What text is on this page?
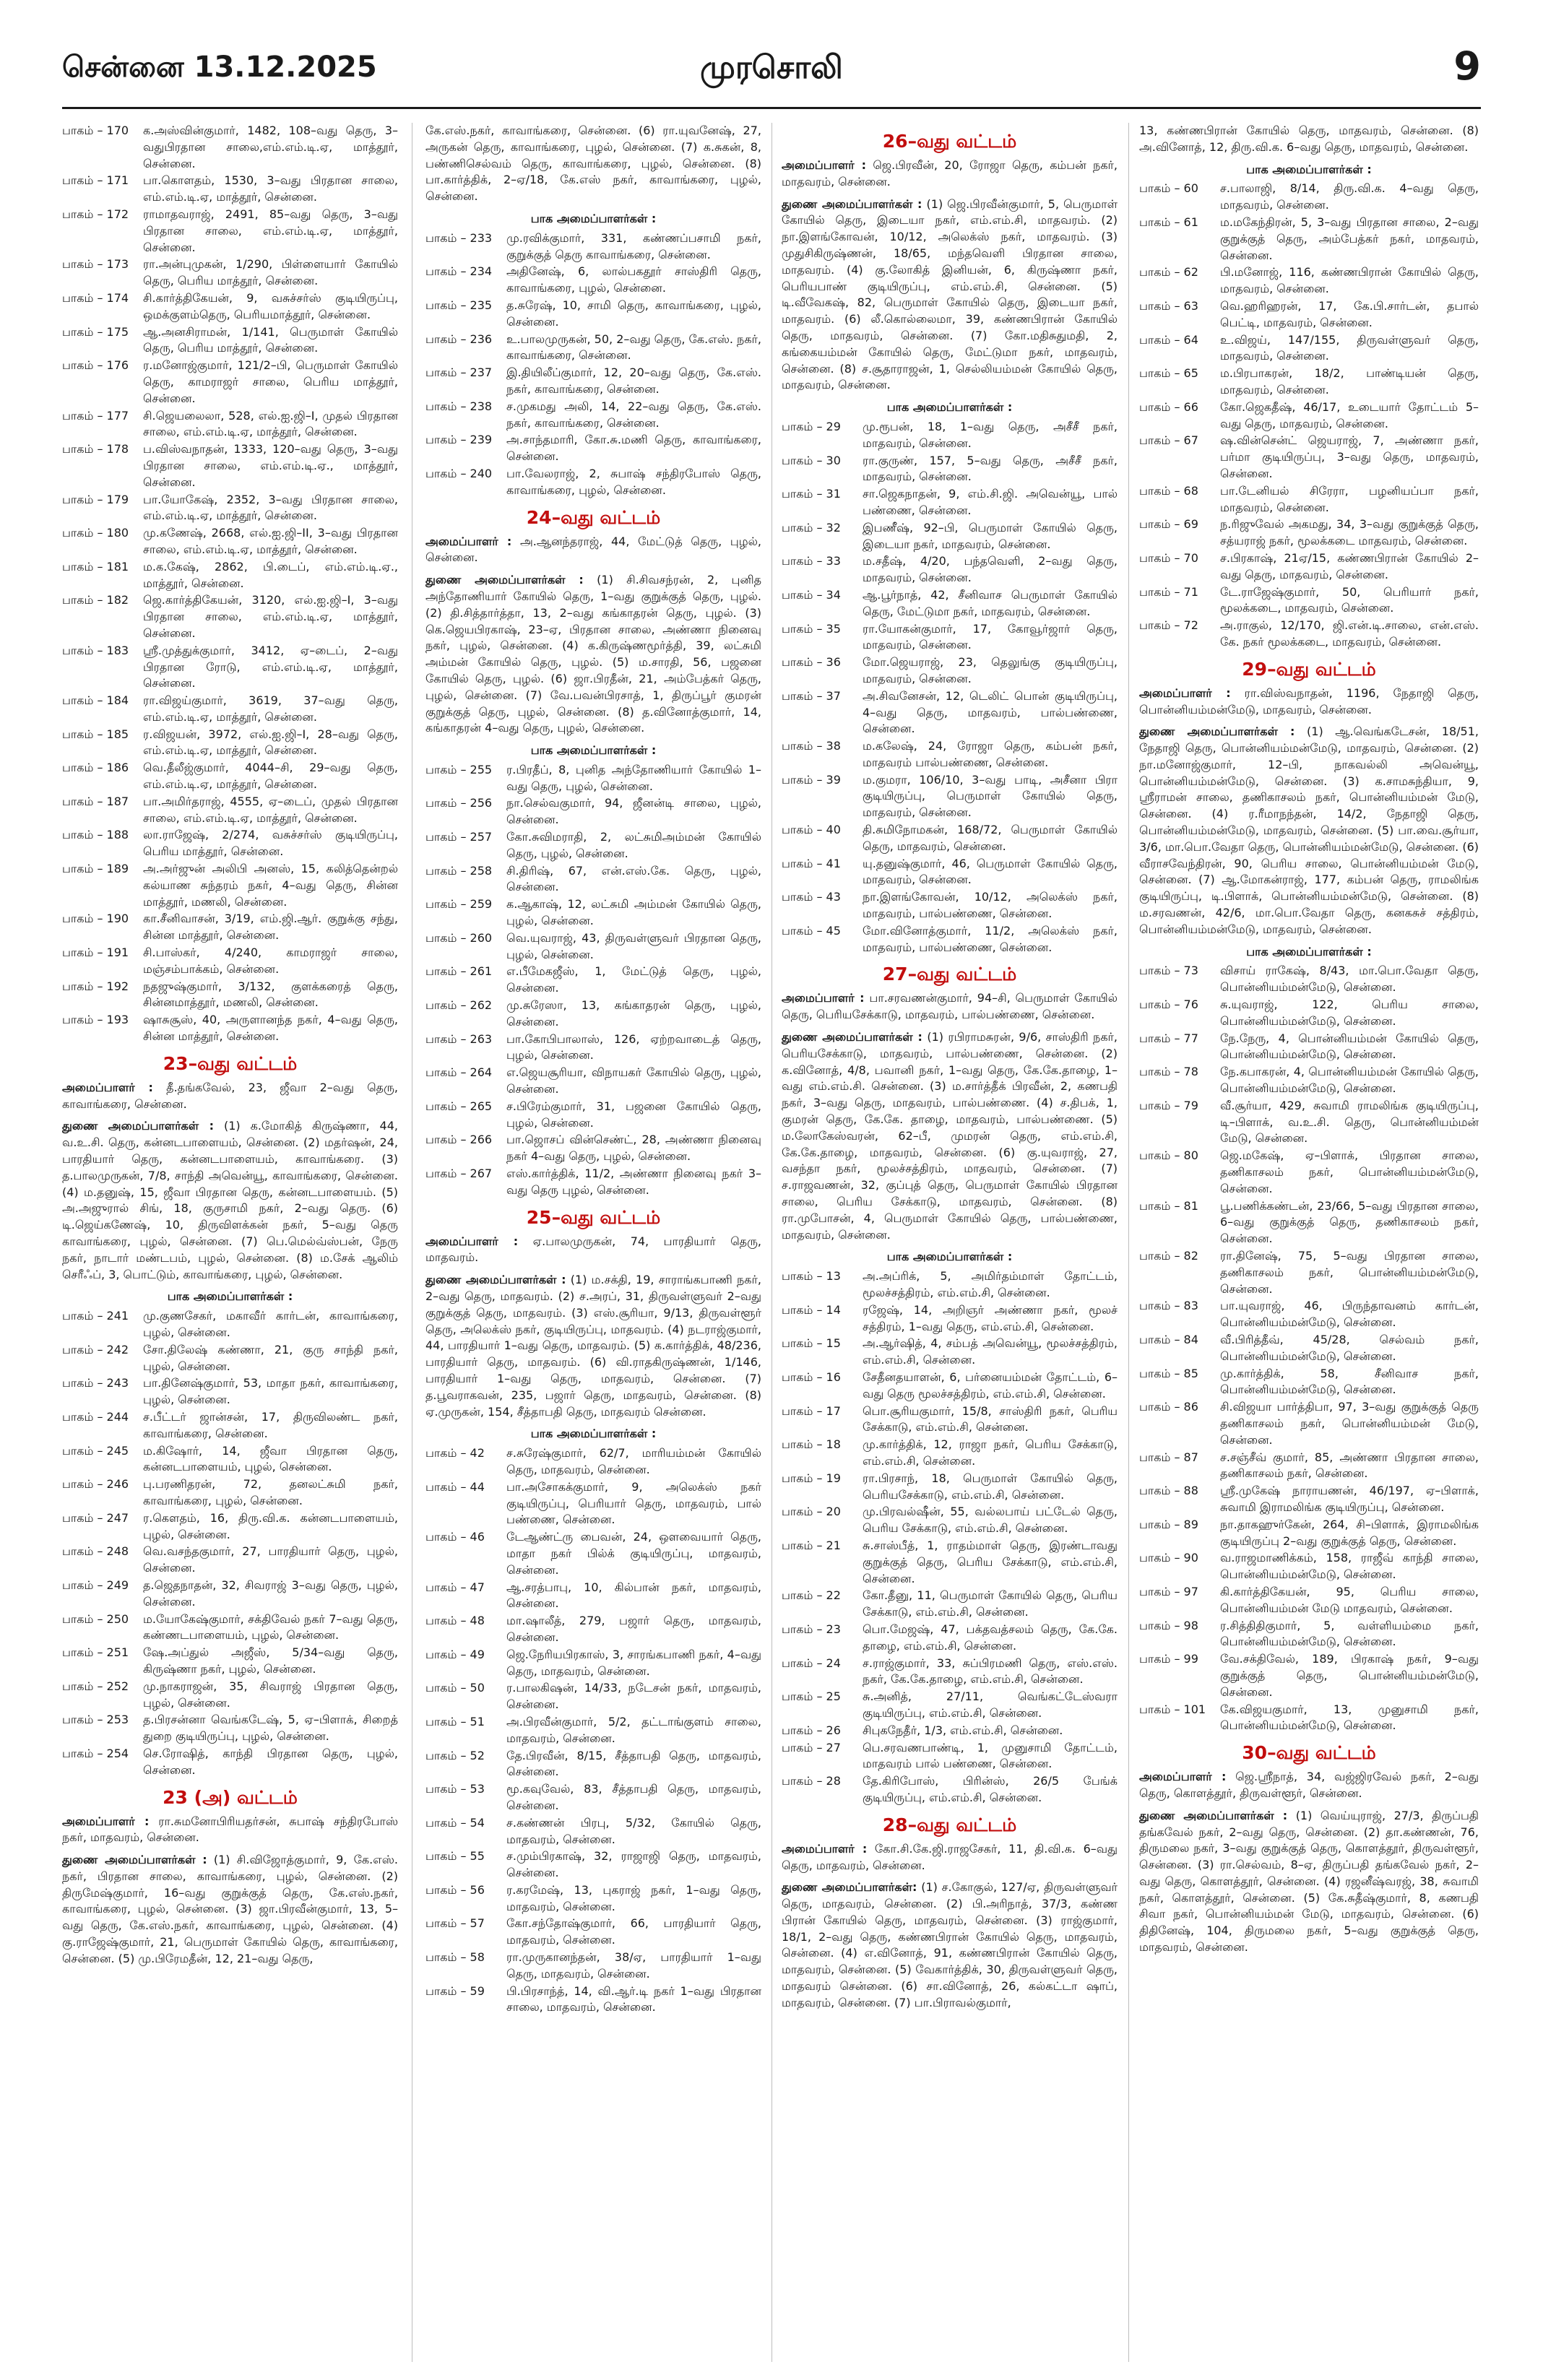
சென்னை 13.12.2025	முரசொலி	9
பாகம் – 170	க.அஸ்வின்குமார், 1482, 108–வது தெரு, 3–வதுபிரதான சாலை,எம்.எம்.டி.ஏ, மாத்தூர், சென்னை.
பாகம் – 171	பா.கொளதம், 1530, 3–வது பிரதான சாலை, எம்.எம்.டி.ஏ, மாத்தூர், சென்னை.
பாகம் – 172	ராமாதவராஜ், 2491, 85–வது தெரு, 3–வது பிரதான சாலை, எம்.எம்.டி.ஏ, மாத்தூர், சென்னை.
பாகம் – 173	ரா.அன்புமுகன், 1/290, பிள்ளையார் கோயில் தெரு, பெரிய மாத்தூர், சென்னை.
பாகம் – 174	சி.கார்த்திகேயன், 9, வசுச்சர்ஸ் குடியிருப்பு, ஒமக்குளம்தெரு, பெரியமாத்தூர், சென்னை.
பாகம் – 175	ஆ.அனசிராமன், 1/141, பெருமாள் கோயில் தெரு, பெரிய மாத்தூர், சென்னை.
பாகம் – 176	ர.மனோஜ்குமார், 121/2–பி, பெருமாள் கோயில் தெரு, காமராஜர் சாலை, பெரிய மாத்தூர், சென்னை.
பாகம் – 177	சி.ஜெயலைலா, 528, எல்.ஐ.ஜி–I, முதல் பிரதான சாலை, எம்.எம்.டி.ஏ, மாத்தூர், சென்னை.
பாகம் – 178	ப.விஸ்வநாதன், 1333, 120–வது தெரு, 3–வது பிரதான சாலை, எம்.எம்.டி.ஏ., மாத்தூர், சென்னை.
பாகம் – 179	பா.யோகேஷ், 2352, 3–வது பிரதான சாலை, எம்.எம்.டி.ஏ, மாத்தூர், சென்னை.
பாகம் – 180	மு.கணேஷ், 2668, எல்.ஐ.ஜி–II, 3–வது பிரதான சாலை, எம்.எம்.டி.ஏ, மாத்தூர், சென்னை.
பாகம் – 181	ம.க.கேஷ், 2862, பி.டைப், எம்.எம்.டி.ஏ., மாத்தூர், சென்னை.
பாகம் – 182	ஜெ.கார்த்திகேயன், 3120, எல்.ஐ.ஜி–I, 3–வது பிரதான சாலை, எம்.எம்.டி.ஏ, மாத்தூர், சென்னை.
பாகம் – 183	ஸ்ரீ.முத்துக்குமார், 3412, ஏ–டைப், 2–வது பிரதான ரோடு, எம்.எம்.டி.ஏ, மாத்தூர், சென்னை.
பாகம் – 184	ரா.விஜய்குமார், 3619, 37–வது தெரு, எம்.எம்.டி.ஏ, மாத்தூர், சென்னை.
பாகம் – 185	ர.விஜயன், 3972, எல்.ஐ.ஜி–I, 28–வது தெரு, எம்.எம்.டி.ஏ, மாத்தூர், சென்னை.
பாகம் – 186	வெ.தீலீஜ்குமார், 4044–சி, 29–வது தெரு, எம்.எம்.டி.ஏ, மாத்தூர், சென்னை.
பாகம் – 187	பா.அமிர்தராஜ், 4555, ஏ–டைப், முதல் பிரதான சாலை, எம்.எம்.டி.ஏ, மாத்தூர், சென்னை.
பாகம் – 188	லா.ராஜேஷ், 2/274, வசுச்சர்ஸ் குடியிருப்பு, பெரிய மாத்தூர், சென்னை.
பாகம் – 189	அ.அர்ஜுன் அலிபி அனஸ், 15, கலித்தென்றல் கல்யாண சுந்தரம் நகர், 4–வது தெரு, சின்ன மாத்தூர், மணலி, சென்னை.
பாகம் – 190	கா.சீனிவாசன், 3/19, எம்.ஜி.ஆர். குறுக்கு சந்து, சின்ன மாத்தூர், சென்னை.
பாகம் – 191	சி.பாஸ்கர், 4/240, காமராஜர் சாலை, மஞ்சம்பாக்கம், சென்னை.
பாகம் – 192	நதஜுஷ்குமார், 3/132, குளக்கரைத் தெரு, சின்னமாத்தூர், மணலி, சென்னை.
பாகம் – 193	ஷாசுசூஸ், 40, அருளானந்த நகர், 4–வது தெரு, சின்ன மாத்தூர், சென்னை.
23–வது வட்டம்
அமைப்பாளர் : தீ.தங்கவேல், 23, ஜீவா 2–வது தெரு, காவாங்கரை, சென்னை.
துணை அமைப்பாளர்கள் : (1) க.மோகித் கிருஷ்ணா, 44, வ.உ.சி. தெரு, கன்னடபாளையம், சென்னை. (2) மதர்ஷன், 24, பாரதியார் தெரு, கன்னடபாளையம், காவாங்கரை. (3) த.பாலமுருகன், 7/8, சாந்தி அவென்யூ, காவாங்கரை, சென்னை. (4) ம.தனுஷ், 15, ஜீவா பிரதான தெரு, கன்னடபாளையம். (5) அ.அஜுரால் சிங், 18, குருசாமி நகர், 2–வது தெரு. (6) டி.ஜெய்கணேஷ், 10, திருவிளக்கன் நகர், 5–வது தெரு காவாங்கரை, புழல், சென்னை. (7) பெ.மெல்வ்ஸ்பன், நேரு நகர், நாடார் மண்டபம், புழல், சென்னை. (8) ம.சேக் ஆலிம் செரீஃப், 3, பொட்டும், காவாங்கரை, புழல், சென்னை.
பாக அமைப்பாளர்கள் :
பாகம் – 241	மு.குணசேகர், மகாவீர் கார்டன், காவாங்கரை, புழல், சென்னை.
பாகம் – 242	சோ.திலேஷ் கண்ணா, 21, குரு சாந்தி நகர், புழல், சென்னை.
பாகம் – 243	பா.தினேஷ்குமார், 53, மாதா நகர், காவாங்கரை, புழல், சென்னை.
பாகம் – 244	ச.பீட்டர் ஜான்சன், 17, திருவிலண்ட நகர், காவாங்கரை, சென்னை.
பாகம் – 245	ம.கிஷோர், 14, ஜீவா பிரதான தெரு, கன்னடபாளையம், புழல், சென்னை.
பாகம் – 246	பு.பரணிதரன், 72, தனலட்சுமி நகர், காவாங்கரை, புழல், சென்னை.
பாகம் – 247	ர.கௌதம், 16, திரு.வி.க. கன்னடபாளையம், புழல், சென்னை.
பாகம் – 248	வெ.வசந்தகுமார், 27, பாரதியார் தெரு, புழல், சென்னை.
பாகம் – 249	த.ஜெதநாதன், 32, சிவராஜ் 3–வது தெரு, புழல், சென்னை.
பாகம் – 250	ம.யோகேஷ்குமார், சக்திவேல் நகர் 7–வது தெரு, கண்ணடபாளையம், புழல், சென்னை.
பாகம் – 251	ஷே.அப்துல் அஜீஸ், 5/34–வது தெரு, கிருஷ்ணா நகர், புழல், சென்னை.
பாகம் – 252	மு.நாகராஜன், 35, சிவராஜ் பிரதான தெரு, புழல், சென்னை.
பாகம் – 253	த.பிரசன்னா வெங்கடேஷ், 5, ஏ–பிளாக், சிறைத் துறை குடியிருப்பு, புழல், சென்னை.
பாகம் – 254	செ.ரோஷித், காந்தி பிரதான தெரு, புழல், சென்னை.
23 (அ) வட்டம்
அமைப்பாளர் : ரா.சுமனோபிரியதர்சன், சுபாஷ் சந்திரபோஸ் நகர், மாதவரம், சென்னை.
துணை அமைப்பாளர்கள் : (1) சி.விஜோத்குமார், 9, கே.எஸ். நகர், பிரதான சாலை, காவாங்கரை, புழல், சென்னை. (2) திருமேஷ்குமார், 16–வது குறுக்குத் தெரு, கே.எஸ்.நகர், காவாங்கரை, புழல், சென்னை. (3) ஜா.பிரவீன்குமார், 13, 5–வது தெரு, கே.எஸ்.நகர், காவாங்கரை, புழல், சென்னை. (4) கு.ராஜேஷ்குமார், 21, பெருமாள் கோயில் தெரு, காவாங்கரை, சென்னை. (5) மு.பிரேமதீன், 12, 21–வது தெரு,
கே.எஸ்.நகர், காவாங்கரை, சென்னை. (6) ரா.யுவனேஷ், 27, அருகன் தெரு, காவாங்கரை, புழல், சென்னை. (7) க.சுகன், 8, பண்ணிசெல்வம் தெரு, காவாங்கரை, புழல், சென்னை. (8) பா.கார்த்திக், 2–ஏ/18, கே.எஸ் நகர், காவாங்கரை, புழல், சென்னை.
பாக அமைப்பாளர்கள் :
பாகம் – 233	மு.ரவிக்குமார், 331, கண்ணப்பசாமி நகர், குறுக்குத் தெரு காவாங்கரை, சென்னை.
பாகம் – 234	அதினேஷ், 6, லால்பகதூர் சாஸ்திரி தெரு, காவாங்கரை, புழல், சென்னை.
பாகம் – 235	த.சுரேஷ், 10, சாமி தெரு, காவாங்கரை, புழல், சென்னை.
பாகம் – 236	உ.பாலமுருகன், 50, 2–வது தெரு, கே.எஸ். நகர், காவாங்கரை, சென்னை.
பாகம் – 237	இ.தியிலீப்குமார், 12, 20–வது தெரு, கே.எஸ். நகர், காவாங்கரை, சென்னை.
பாகம் – 238	ச.முகமது அலி, 14, 22–வது தெரு, கே.எஸ். நகர், காவாங்கரை, சென்னை.
பாகம் – 239	அ.சாந்தமாரி, கோ.சு.மணி தெரு, காவாங்கரை, சென்னை.
பாகம் – 240	பா.வேலராஜ், 2, சுபாஷ் சந்திரபோஸ் தெரு, காவாங்கரை, புழல், சென்னை.
24–வது வட்டம்
அமைப்பாளர் : அ.ஆனந்தராஜ், 44, மேட்டுத் தெரு, புழல், சென்னை.
துணை அமைப்பாளர்கள் : (1) சி.சிவசந்ரன், 2, புனித அந்தோணியார் கோயில் தெரு, 1–வது குறுக்குத் தெரு, புழல். (2) தி.சித்தார்த்தா, 13, 2–வது கங்காதரன் தெரு, புழல். (3) கெ.ஜெயபிரகாஷ், 23–ஏ, பிரதான சாலை, அண்ணா நினைவு நகர், புழல், சென்னை. (4) க.கிருஷ்ணமூர்த்தி, 39, லட்சுமி அம்மன் கோயில் தெரு, புழல். (5) ம.சாரதி, 56, பஜனை கோயில் தெரு, புழல். (6) ஜா.பிரதீன், 21, அம்பேத்கர் தெரு, புழல், சென்னை. (7) வே.பவன்பிரசாத், 1, திருப்பூர் குமரன் குறுக்குத் தெரு, புழல், சென்னை. (8) த.வினோத்குமார், 14, கங்காதரன் 4–வது தெரு, புழல், சென்னை.
பாக அமைப்பாளர்கள் :
பாகம் – 255	ர.பிரதீப், 8, புனித அந்தோணியார் கோயில் 1–வது தெரு, புழல், சென்னை.
பாகம் – 256	நா.செல்வகுமார், 94, ஜீனன்டி சாலை, புழல், சென்னை.
பாகம் – 257	கோ.சுவிமராதி, 2, லட்சுமிஅம்மன் கோயில் தெரு, புழல், சென்னை.
பாகம் – 258	சி.திரிஷ், 67, என்.எஸ்.கே. தெரு, புழல், சென்னை.
பாகம் – 259	க.ஆகாஷ், 12, லட்சுமி அம்மன் கோயில் தெரு, புழல், சென்னை.
பாகம் – 260	வெ.யுவராஜ், 43, திருவள்ளுவர் பிரதான தெரு, புழல், சென்னை.
பாகம் – 261	எ.பீமேகஜீஸ், 1, மேட்டுத் தெரு, புழல், சென்னை.
பாகம் – 262	மு.சுரேஸா, 13, கங்காதரன் தெரு, புழல், சென்னை.
பாகம் – 263	பா.கோபிபாலாஸ், 126, ஏற்றவாடைத் தெரு, புழல், சென்னை.
பாகம் – 264	எ.ஜெயசூரியா, விநாயகர் கோயில் தெரு, புழல், சென்னை.
பாகம் – 265	ச.பிரேம்குமார், 31, பஜனை கோயில் தெரு, புழல், சென்னை.
பாகம் – 266	பா.ஜொசப் வின்செண்ட், 28, அண்ணா நினைவு நகர் 4–வது தெரு, புழல், சென்னை.
பாகம் – 267	எஸ்.கார்த்திக், 11/2, அண்ணா நினைவு நகர் 3–வது தெரு புழல், சென்னை.
25–வது வட்டம்
அமைப்பாளர் : ஏ.பாலமுருகன், 74, பாரதியார் தெரு, மாதவரம்.
துணை அமைப்பாளர்கள் : (1) ம.சக்தி, 19, சாராங்கபாணி நகர், 2–வது தெரு, மாதவரம். (2) ச.அரப், 31, திருவள்ளுவர் 2–வது குறுக்குத் தெரு, மாதவரம். (3) எஸ்.சூரியா, 9/13, திருவள்ளூர் தெரு, அலெக்ஸ் நகர், குடியிருப்பு, மாதவரம். (4) நடராஜ்குமார், 44, பாரதியார் 1–வது தெரு, மாதவரம். (5) க.கார்த்திக், 48/236, பாரதியார் தெரு, மாதவரம். (6) வி.ராதகிருஷ்ணன், 1/146, பாரதியார் 1–வது தெரு, மாதவரம், சென்னை. (7) த.பூவராகவன், 235, பஜார் தெரு, மாதவரம், சென்னை. (8) ஏ.முருகன், 154, சீத்தாபதி தெரு, மாதவரம் சென்னை.
பாக அமைப்பாளர்கள் :
பாகம் – 42	ச.சுரேஷ்குமார், 62/7, மாரியம்மன் கோயில் தெரு, மாதவரம், சென்னை.
பாகம் – 44	பா.அசோகக்குமார், 9, அலெக்ஸ் நகர் குடியிருப்பு, பெரியார் தெரு, மாதவரம், பால் பண்ணை, சென்னை.
பாகம் – 46	டேஆண்ட்ரு பைவன், 24, ஒளவையார் தெரு, மாதா நகர் பில்க் குடியிருப்பு, மாதவரம், சென்னை.
பாகம் – 47	ஆ.சரத்பாபு, 10, கில்பான் நகர், மாதவரம், சென்னை.
பாகம் – 48	மா.ஷாலீத், 279, பஜார் தெரு, மாதவரம், சென்னை.
பாகம் – 49	ஜெ.நேரியபிரகாஸ், 3, சாரங்கபாணி நகர், 4–வது தெரு, மாதவரம், சென்னை.
பாகம் – 50	ர.பாலகிஷன், 14/33, நடேசன் நகர், மாதவரம், சென்னை.
பாகம் – 51	அ.பிரவீன்குமார், 5/2, தட்டாங்குளம் சாலை, மாதவரம், சென்னை.
பாகம் – 52	தே.பிரவீன், 8/15, சீத்தாபதி தெரு, மாதவரம், சென்னை.
பாகம் – 53	மூ.கவுவேல், 83, சீத்தாபதி தெரு, மாதவரம், சென்னை.
பாகம் – 54	ச.கண்ணன் பிரபு, 5/32, கோயில் தெரு, மாதவரம், சென்னை.
பாகம் – 55	ச.மும்பிரகாஷ், 32, ராஜாஜி தெரு, மாதவரம், சென்னை.
பாகம் – 56	ர.கரமேஷ், 13, புகராஜ் நகர், 1–வது தெரு, மாதவரம், சென்னை.
பாகம் – 57	கோ.சந்தோஷ்குமார், 66, பாரதியார் தெரு, மாதவரம், சென்னை.
பாகம் – 58	ரா.முருகானந்தன், 38/ஏ, பாரதியார் 1–வது தெரு, மாதவரம், சென்னை.
பாகம் – 59	பி.பிரசாந்த், 14, வி.ஆர்.டி நகர் 1–வது பிரதான சாலை, மாதவரம், சென்னை.
26–வது வட்டம்
அமைப்பாளர் : ஜெ.பிரவீன், 20, ரோஜா தெரு, கம்பன் நகர், மாதவரம், சென்னை.
துணை அமைப்பாளர்கள் : (1) ஜெ.பிரவீன்குமார், 5, பெருமாள் கோயில் தெரு, இடையா நகர், எம்.எம்.சி, மாதவரம். (2) நா.இளங்கோவன், 10/12, அலெக்ஸ் நகர், மாதவரம். (3) முதுசிகிருஷ்ணன், 18/65, மந்தவெளி பிரதான சாலை, மாதவரம். (4) கு.லோகித் இனியன், 6, கிருஷ்ணா நகர், பெரியபாண் குடியிருப்பு, எம்.எம்.சி, சென்னை. (5) டி.வீவேகஷ், 82, பெருமாள் கோயில் தெரு, இடையா நகர், மாதவரம். (6) லீ.கொல்லைமா, 39, கண்ணபிரான் கோயில் தெரு, மாதவரம், சென்னை. (7) கோ.மதிசுதுமதி, 2, கங்கையம்மன் கோயில் தெரு, மேட்டுமா நகர், மாதவரம், சென்னை. (8) ச.சூதாராஜன், 1, செல்லியம்மன் கோயில் தெரு, மாதவரம், சென்னை.
பாக அமைப்பாளர்கள் :
பாகம் – 29	மு.ரூபன், 18, 1–வது தெரு, அசீசீ நகர், மாதவரம், சென்னை.
பாகம் – 30	ரா.குருண், 157, 5–வது தெரு, அசீசீ நகர், மாதவரம், சென்னை.
பாகம் – 31	சா.ஜெகநாதன், 9, எம்.சி.ஜி. அவென்யூ, பால் பண்ணை, சென்னை.
பாகம் – 32	இபணீஷ், 92–பி, பெருமாள் கோயில் தெரு, இடையா நகர், மாதவரம், சென்னை.
பாகம் – 33	ம.சதீஷ், 4/20, பந்தவெளி, 2–வது தெரு, மாதவரம், சென்னை.
பாகம் – 34	ஆ.பூர்நாத், 42, சீனிவாச பெருமாள் கோயில் தெரு, மேட்டுமா நகர், மாதவரம், சென்னை.
பாகம் – 35	ரா.யோகன்குமார், 17, கோவூர்ஜார் தெரு, மாதவரம், சென்னை.
பாகம் – 36	மோ.ஜெயராஜ், 23, தெலுங்கு குடியிருப்பு, மாதவரம், சென்னை.
பாகம் – 37	அ.சிவனேசன், 12, டெலிட் பொன் குடியிருப்பு, 4–வது தெரு, மாதவரம், பால்பண்ணை, சென்னை.
பாகம் – 38	ம.கலேஷ், 24, ரோஜா தெரு, கம்பன் நகர், மாதவரம் பால்பண்ணை, சென்னை.
பாகம் – 39	ம.குமரா, 106/10, 3–வது பாடி, அசீனா பிரா குடியிருப்பு, பெருமாள் கோயில் தெரு, மாதவரம், சென்னை.
பாகம் – 40	தி.சுமிநோமகன், 168/72, பெருமாள் கோயில் தெரு, மாதவரம், சென்னை.
பாகம் – 41	யு.தனுஷ்குமார், 46, பெருமாள் கோயில் தெரு, மாதவரம், சென்னை.
பாகம் – 43	நா.இளங்கோவன், 10/12, அலெக்ஸ் நகர், மாதவரம், பால்பண்ணை, சென்னை.
பாகம் – 45	மோ.வினோத்குமார், 11/2, அலெக்ஸ் நகர், மாதவரம், பால்பண்ணை, சென்னை.
27–வது வட்டம்
அமைப்பாளர் : பா.சரவணன்குமார், 94–சி, பெருமாள் கோயில் தெரு, பெரியசேக்காடு, மாதவரம், பால்பண்ணை, சென்னை.
துணை அமைப்பாளர்கள் : (1) ரபிராமசுரன், 9/6, சாஸ்திரி நகர், பெரியசேக்காடு, மாதவரம், பால்பண்ணை, சென்னை. (2) க.வினோத், 4/8, பவானி நகர், 1–வது தெரு, கே.கே.தாழை, 1–வது எம்.எம்.சி. சென்னை. (3) ம.சார்த்தீக் பிரவீன், 2, கணபதி நகர், 3–வது தெரு, மாதவரம், பால்பண்ணை. (4) ச.திபக், 1, குமரன் தெரு, கே.கே. தாழை, மாதவரம், பால்பண்ணை. (5) ம.லோகேஸ்வரன், 62–பீ, முமரன் தெரு, எம்.எம்.சி, கே.கே.தாழை, மாதவரம், சென்னை. (6) கு.யுவராஜ், 27, வசந்தா நகர், மூலச்சத்திரம், மாதவரம், சென்னை. (7) ச.ராஜவணன், 32, குப்புத் தெரு, பெருமாள் கோயில் பிரதான சாலை, பெரிய சேக்காடு, மாதவரம், சென்னை. (8) ரா.முபோசன், 4, பெருமாள் கோயில் தெரு, பால்பண்ணை, மாதவரம், சென்னை.
பாக அமைப்பாளர்கள் :
பாகம் – 13	அ.அப்ரிக், 5, அமிர்தம்மாள் தோட்டம், மூலச்சத்திரம், எம்.எம்.சி, சென்னை.
பாகம் – 14	ரஜேஷ், 14, அறிஞர் அண்ணா நகர், மூலச் சத்திரம், 1–வது தெரு, எம்.எம்.சி, சென்னை.
பாகம் – 15	அ.ஆர்ஷித், 4, சம்பத் அவென்யூ, மூலச்சத்திரம், எம்.எம்.சி, சென்னை.
பாகம் – 16	சேதீனதயாளன், 6, பர்னையம்மன் தோட்டம், 6–வது தெரு மூலச்சத்திரம், எம்.எம்.சி, சென்னை.
பாகம் – 17	பொ.சூரியகுமார், 15/8, சாஸ்திரி நகர், பெரிய சேக்காடு, எம்.எம்.சி, சென்னை.
பாகம் – 18	மு.கார்த்திக், 12, ராஜா நகர், பெரிய சேக்காடு, எம்.எம்.சி, சென்னை.
பாகம் – 19	ரா.பிரசாந், 18, பெருமாள் கோயில் தெரு, பெரியசேக்காடு, எம்.எம்.சி, சென்னை.
பாகம் – 20	மு.பிரவல்ஷீன், 55, வல்லபாய் பட்டேல் தெரு, பெரிய சேக்காடு, எம்.எம்.சி, சென்னை.
பாகம் – 21	சு.சாஸ்பீத், 1, ராதம்மாள் தெரு, இரண்டாவது குறுக்குத் தெரு, பெரிய சேக்காடு, எம்.எம்.சி, சென்னை.
பாகம் – 22	கோ.தீனு, 11, பெருமாள் கோயில் தெரு, பெரிய சேக்காடு, எம்.எம்.சி, சென்னை.
பாகம் – 23	பொ.மேஜஷ், 47, பக்தவத்சலம் தெரு, கே.கே. தாழை, எம்.எம்.சி, சென்னை.
பாகம் – 24	ச.ராஜ்குமார், 33, சுப்பிரமணி தெரு, எஸ்.எஸ். நகர், கே.கே.தாழை, எம்.எம்.சி, சென்னை.
பாகம் – 25	சு.அனித், 27/11, வெங்கட்டேஸ்வரா குடியிருப்பு, எம்.எம்.சி, சென்னை.
பாகம் – 26	சிபுகநேதீர், 1/3, எம்.எம்.சி, சென்னை.
பாகம் – 27	பெ.சரவணபாண்டி, 1, முனுசாமி தோட்டம், மாதவரம் பால் பண்ணை, சென்னை.
பாகம் – 28	தே.கிரிபோஸ், பிரின்ஸ், 26/5 பேங்க் குடியிருப்பு, எம்.எம்.சி, சென்னை.
28–வது வட்டம்
அமைப்பாளர் : கோ.சி.கே.ஜி.ராஜசேகர், 11, தி.வி.க. 6–வது தெரு, மாதவரம், சென்னை.
துணை அமைப்பாளர்கள்: (1) ச.கோகுல், 127/ஏ, திருவள்ளுவர் தெரு, மாதவரம், சென்னை. (2) பி.அரிநாத், 37/3, கண்ண பிரான் கோயில் தெரு, மாதவரம், சென்னை. (3) ராஜ்குமார், 18/1, 2–வது தெரு, கண்ணபிரான் கோயில் தெரு, மாதவரம், சென்னை. (4) எ.வினோத், 91, கண்ணபிரான் கோயில் தெரு, மாதவரம், சென்னை. (5) வேகார்த்திக், 30, திருவள்ளுவர் தெரு, மாதவரம் சென்னை. (6) சா.வினோத், 26, கல்கட்டா ஷாப், மாதவரம், சென்னை. (7) பா.பிராவல்குமார்,
13, கண்ணபிரான் கோயில் தெரு, மாதவரம், சென்னை. (8) அ.வினோத், 12, திரு.வி.க. 6–வது தெரு, மாதவரம், சென்னை.
பாக அமைப்பாளர்கள் :
பாகம் – 60	ச.பாலாஜி, 8/14, திரு.வி.க. 4–வது தெரு, மாதவரம், சென்னை.
பாகம் – 61	ம.மகேந்திரன், 5, 3–வது பிரதான சாலை, 2–வது குறுக்குத் தெரு, அம்பேத்கர் நகர், மாதவரம், சென்னை.
பாகம் – 62	பி.மனோஜ், 116, கண்ணபிரான் கோயில் தெரு, மாதவரம், சென்னை.
பாகம் – 63	வெ.ஹரிஹரன், 17, கே.பி.சார்டன், தபால் பெட்டி, மாதவரம், சென்னை.
பாகம் – 64	உ.விஜய், 147/155, திருவள்ளுவர் தெரு, மாதவரம், சென்னை.
பாகம் – 65	ம.பிரபாகரன், 18/2, பாண்டியன் தெரு, மாதவரம், சென்னை.
பாகம் – 66	கோ.ஜெகதீஷ், 46/17, உடையார் தோட்டம் 5–வது தெரு, மாதவரம், சென்னை.
பாகம் – 67	ஷ.வின்சென்ட் ஜெயராஜ், 7, அண்ணா நகர், பர்மா குடியிருப்பு, 3–வது தெரு, மாதவரம், சென்னை.
பாகம் – 68	பா.டேனியல் சிரேரா, பழனியப்பா நகர், மாதவரம், சென்னை.
பாகம் – 69	ந.ரிஜுவேல் அகமது, 34, 3–வது குறுக்குத் தெரு, சத்யராஜ் நகர், மூலக்கடை மாதவரம், சென்னை.
பாகம் – 70	ச.பிரகாஷ், 21ஏ/15, கண்ணபிரான் கோயில் 2–வது தெரு, மாதவரம், சென்னை.
பாகம் – 71	டே.ராஜேஷ்குமார், 50, பெரியார் நகர், மூலக்கடை, மாதவரம், சென்னை.
பாகம் – 72	அ.ராகுல், 12/170, ஜி.என்.டி.சாலை, என்.எஸ். கே. நகர் மூலக்கடை, மாதவரம், சென்னை.
29–வது வட்டம்
அமைப்பாளர் : ரா.விஸ்வநாதன், 1196, நேதாஜி தெரு, பொன்னியம்மன்மேடு, மாதவரம், சென்னை.
துணை அமைப்பாளர்கள் : (1) ஆ.வெங்கடேசன், 18/51, நேதாஜி தெரு, பொன்னியம்மன்மேடு, மாதவரம், சென்னை. (2) நா.மனோஜ்குமார், 12–பி, நாகவல்லி அவென்யூ, பொன்னியம்மன்மேடு, சென்னை. (3) க.சாமசுந்தியா, 9, ஸ்ரீராமன் சாலை, தணிகாசலம் நகர், பொன்னியம்மன் மேடு, சென்னை. (4) ர.ரீமாநந்தன், 14/2, நேதாஜி தெரு, பொன்னியம்மன்மேடு, மாதவரம், சென்னை. (5) பா.வை.சூர்யா, 3/6, மா.பொ.வேதா தெரு, பொன்னியம்மன்மேடு, சென்னை. (6) வீராசவேந்திரன், 90, பெரிய சாலை, பொன்னியம்மன் மேடு, சென்னை. (7) ஆ.மோகன்ராஜ், 177, கம்பன் தெரு, ராமலிங்க குடியிருப்பு, டி.பிளாக், பொன்னியம்மன்மேடு, சென்னை. (8) ம.சரவணன், 42/6, மா.பொ.வேதா தெரு, கனகசுச் சத்திரம், பொன்னியம்மன்மேடு, மாதவரம், சென்னை.
பாக அமைப்பாளர்கள் :
பாகம் – 73	விசாய் ராகேஷ், 8/43, மா.பொ.வேதா தெரு, பொன்னியம்மன்மேடு, சென்னை.
பாகம் – 76	சு.யுவராஜ், 122, பெரிய சாலை, பொன்னியம்மன்மேடு, சென்னை.
பாகம் – 77	நே.நேரு, 4, பொன்னியம்மன் கோயில் தெரு, பொன்னியம்மன்மேடு, சென்னை.
பாகம் – 78	நே.கபாகரன், 4, பொன்னியம்மன் கோயில் தெரு, பொன்னியம்மன்மேடு, சென்னை.
பாகம் – 79	வீ.சூர்யா, 429, சுவாமி ராமலிங்க குடியிருப்பு, டி–பிளாக், வ.உ.சி. தெரு, பொன்னியம்மன் மேடு, சென்னை.
பாகம் – 80	ஜெ.மகேஷ், ஏ–பிளாக், பிரதான சாலை, தணிகாசலம் நகர், பொன்னியம்மன்மேடு, சென்னை.
பாகம் – 81	பூ.பணிக்கண்டன், 23/66, 5–வது பிரதான சாலை, 6–வது குறுக்குத் தெரு, தணிகாசலம் நகர், சென்னை.
பாகம் – 82	ரா.தினேஷ், 75, 5–வது பிரதான சாலை, தணிகாசலம் நகர், பொன்னியம்மன்மேடு, சென்னை.
பாகம் – 83	பா.யுவராஜ், 46, பிருந்தாவனம் கார்டன், பொன்னியம்மன்மேடு, சென்னை.
பாகம் – 84	வீ.பிரித்தீவ், 45/28, செல்வம் நகர், பொன்னியம்மன்மேடு, சென்னை.
பாகம் – 85	மு.கார்த்திக், 58, சீனிவாச நகர், பொன்னியம்மன்மேடு, சென்னை.
பாகம் – 86	சி.விஜயா பார்த்திபா, 97, 3–வது குறுக்குத் தெரு தணிகாசலம் நகர், பொன்னியம்மன் மேடு, சென்னை.
பாகம் – 87	ச.சஞ்சீவ் குமார், 85, அண்ணா பிரதான சாலை, தணிகாசலம் நகர், சென்னை.
பாகம் – 88	ஸ்ரீ.முகேஷ் நாராயணன், 46/197, ஏ–பிளாக், சுவாமி இராமலிங்க குடியிருப்பு, சென்னை.
பாகம் – 89	நா.தாகஹுர்கேன், 264, சி–பிளாக், இராமலிங்க குடியிருப்பு 2–வது குறுக்குத் தெரு, சென்னை.
பாகம் – 90	வ.ராஜமாணிக்கம், 158, ராஜீவ் காந்தி சாலை, பொன்னியம்மன்மேடு, சென்னை.
பாகம் – 97	கி.கார்த்திகேயன், 95, பெரிய சாலை, பொன்னியம்மன் மேடு மாதவரம், சென்னை.
பாகம் – 98	ர.சித்திதிகுமார், 5, வள்ளியம்மை நகர், பொன்னியம்மன்மேடு, சென்னை.
பாகம் – 99	வே.சக்திவேல், 189, பிரகாஷ் நகர், 9–வது குறுக்குத் தெரு, பொன்னியம்மன்மேடு, சென்னை.
பாகம் – 101	கே.விஜயகுமார், 13, முனுசாமி நகர், பொன்னியம்மன்மேடு, சென்னை.
30–வது வட்டம்
அமைப்பாளர் : ஜெ.ஸ்ரீநாத், 34, வஜ்ஜிரவேல் நகர், 2–வது தெரு, கொளத்தூர், திருவள்ளூர், சென்னை.
துணை அமைப்பாளர்கள் : (1) வெய்யுராஜ், 27/3, திருப்பதி தங்கவேல் நகர், 2–வது தெரு, சென்னை. (2) தா.கண்ணன், 76, திருமலை நகர், 3–வது குறுக்குத் தெரு, கொளத்தூர், திருவள்ளூர், சென்னை. (3) ரா.செல்வம், 8–ஏ, திருப்பதி தங்கவேல் நகர், 2–வது தெரு, கொளத்தூர், சென்னை. (4) ரஜனீஷ்வரஜ், 38, சுவாமி நகர், கொளத்தூர், சென்னை. (5) கே.சுதீஷ்குமார், 8, கணபதி சிவா நகர், பொன்னியம்மன் மேடு, மாதவரம், சென்னை. (6) திதினேஷ், 104, திருமலை நகர், 5–வது குறுக்குத் தெரு, மாதவரம், சென்னை.
